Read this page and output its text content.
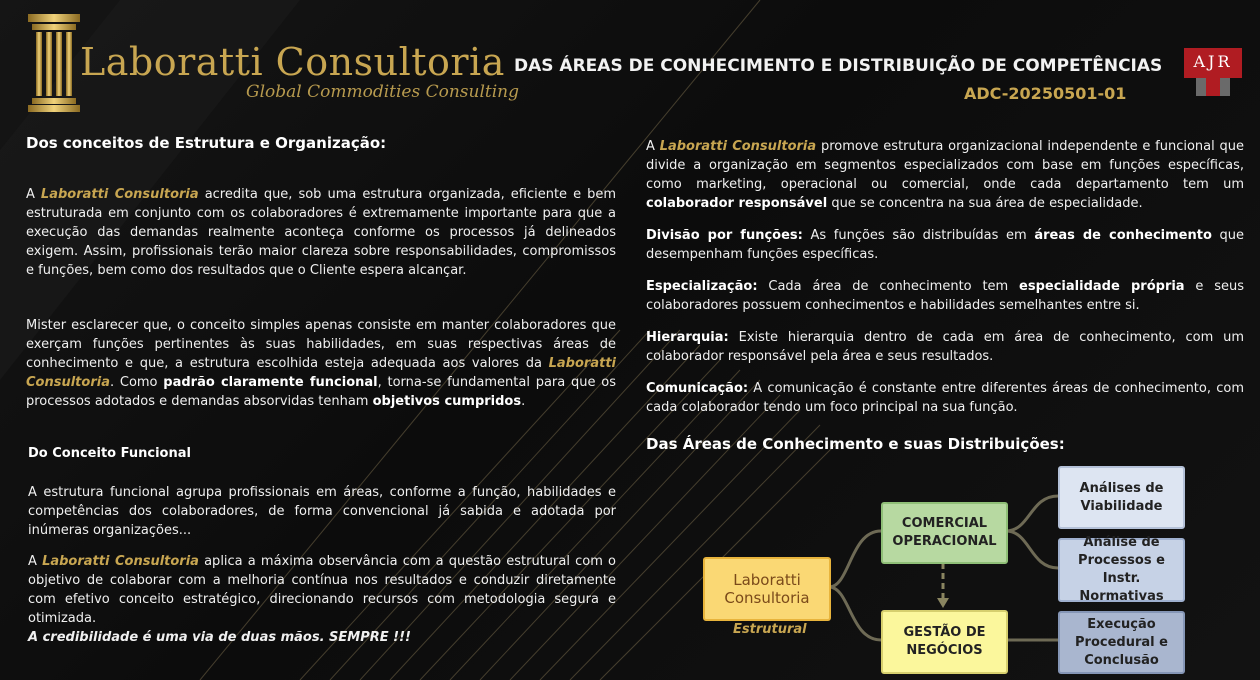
Laboratti Consultoria
Global Commodities Consulting
DAS ÁREAS DE CONHECIMENTO E DISTRIBUIÇÃO DE COMPETÊNCIAS
ADC-20250501-01
AJR
Dos conceitos de Estrutura e Organização:
A Laboratti Consultoria acredita que, sob uma estrutura organizada, eficiente e bem estruturada em conjunto com os colaboradores é extremamente importante para que a execução das demandas realmente aconteça conforme os processos já delineados exigem. Assim, profissionais terão maior clareza sobre responsabilidades, compromissos e funções, bem como dos resultados que o Cliente espera alcançar.
Mister esclarecer que, o conceito simples apenas consiste em manter colaboradores que exerçam funções pertinentes às suas habilidades, em suas respectivas áreas de conhecimento e que, a estrutura escolhida esteja adequada aos valores da Laboratti Consultoria. Como padrão claramente funcional, torna-se fundamental para que os processos adotados e demandas absorvidas tenham objetivos cumpridos.
Do Conceito Funcional
A estrutura funcional agrupa profissionais em áreas, conforme a função, habilidades e competências dos colaboradores, de forma convencional já sabida e adotada por inúmeras organizações...
A Laboratti Consultoria aplica a máxima observância com a questão estrutural com o objetivo de colaborar com a melhoria contínua nos resultados e conduzir diretamente com efetivo conceito estratégico, direcionando recursos com metodologia segura e otimizada.
A credibilidade é uma via de duas mãos. SEMPRE !!!
A Laboratti Consultoria promove estrutura organizacional independente e funcional que divide a organização em segmentos especializados com base em funções específicas, como marketing, operacional ou comercial, onde cada departamento tem um colaborador responsável que se concentra na sua área de especialidade.
Divisão por funções: As funções são distribuídas em áreas de conhecimento que desempenham funções específicas.
Especialização: Cada área de conhecimento tem especialidade própria e seus colaboradores possuem conhecimentos e habilidades semelhantes entre si.
Hierarquia: Existe hierarquia dentro de cada em área de conhecimento, com um colaborador responsável pela área e seus resultados.
Comunicação: A comunicação é constante entre diferentes áreas de conhecimento, com cada colaborador tendo um foco principal na sua função.
Das Áreas de Conhecimento e suas Distribuições:
Laboratti Consultoria
Estrutural
COMERCIAL OPERACIONAL
GESTÃO DE NEGÓCIOS
Análises de Viabilidade
Análise de Processos e Instr. Normativas
Execução Procedural e Conclusão
